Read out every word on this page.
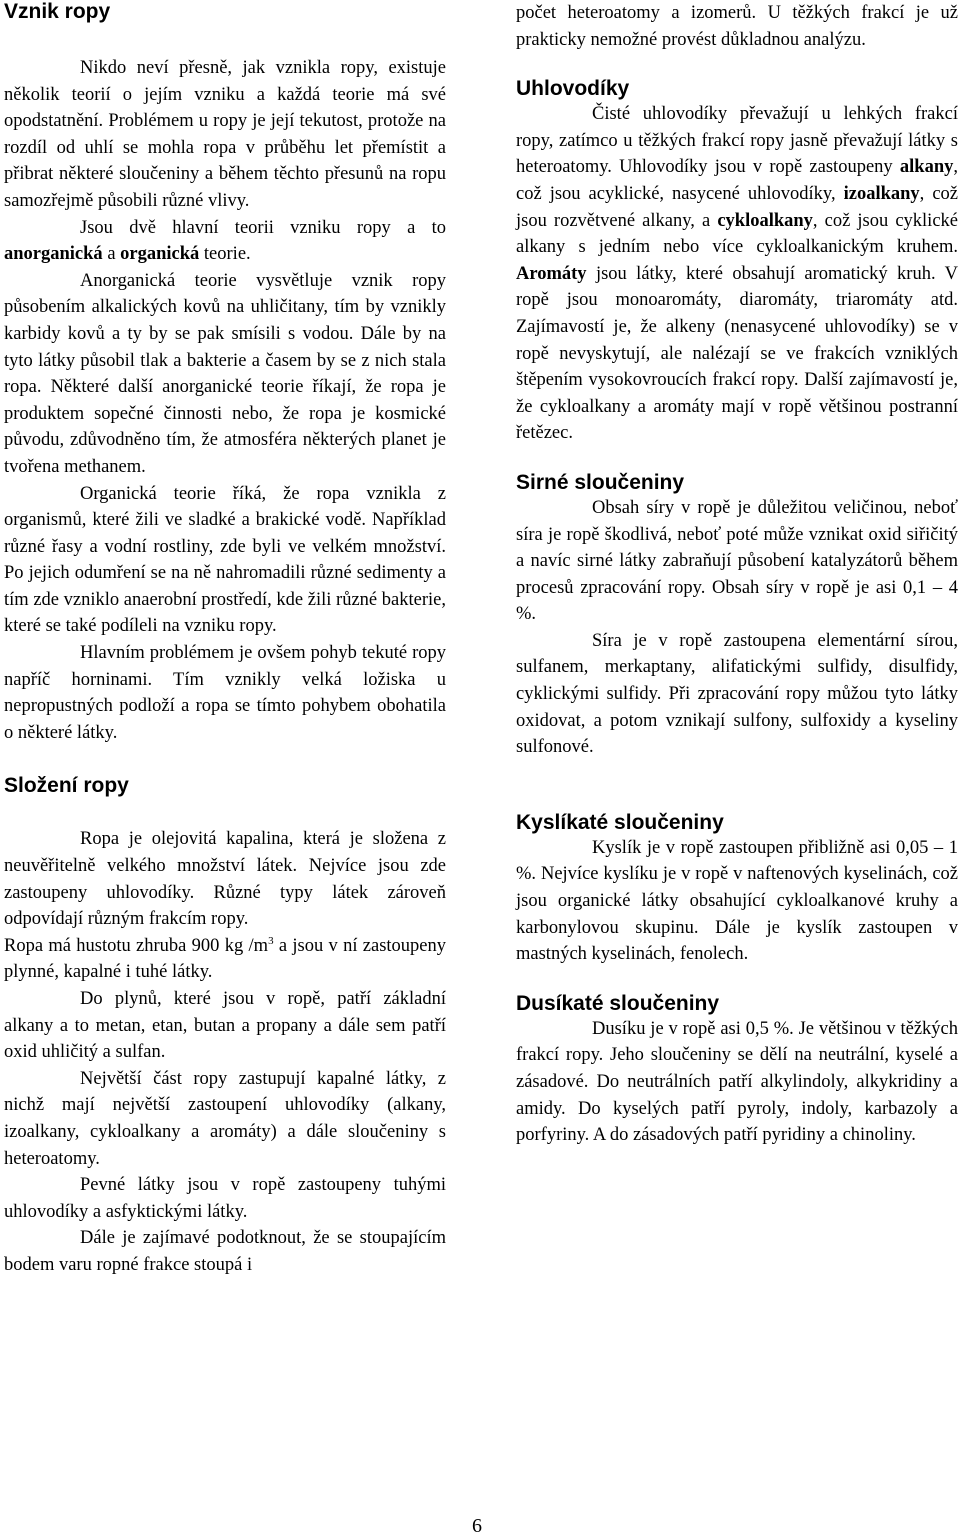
Vznik ropy

Nikdo neví přesně, jak vznikla ropy, existuje několik teorií o jejím vzniku a každá teorie má své opodstatnění. Problémem u ropy je její tekutost, protože na rozdíl od uhlí se mohla ropa v průběhu let přemístit a přibrat některé sloučeniny a během těchto přesunů na ropu samozřejmě působili různé vlivy.

Jsou dvě hlavní teorii vzniku ropy a to anorganická a organická teorie.

Anorganická teorie vysvětluje vznik ropy působením alkalických kovů na uhličitany, tím by vznikly karbidy kovů a ty by se pak smísili s vodou. Dále by na tyto látky působil tlak a bakterie a časem by se z nich stala ropa. Některé další anorganické teorie říkají, že ropa je produktem sopečné činnosti nebo, že ropa je kosmické původu, zdůvodněno tím, že atmosféra některých planet je tvořena methanem.

Organická teorie říká, že ropa vznikla z organismů, které žili ve sladké a brakické vodě. Například různé řasy a vodní rostliny, zde byli ve velkém množství. Po jejich odumření se na ně nahromadili různé sedimenty a tím zde vzniklo anaerobní prostředí, kde žili různé bakterie, které se také podíleli na vzniku ropy.

Hlavním problémem je ovšem pohyb tekuté ropy napříč horninami. Tím vznikly velká ložiska u nepropustných podloží a ropa se tímto pohybem obohatila o některé látky.

Složení ropy

Ropa je olejovitá kapalina, která je složena z neuvěřitelně velkého množství látek. Nejvíce jsou zde zastoupeny uhlovodíky. Různé typy látek zároveň odpovídají různým frakcím ropy.

Ropa má hustotu zhruba 900 kg $/m^3$ a jsou v ní zastoupeny plynné, kapalné i tuhé látky.

Do plynů, které jsou v ropě, patří základní alkany a to metan, etan, butan a propany a dále sem patří oxid uhličitý a sulfan.

Největší část ropy zastupují kapalné látky, z nichž mají největší zastoupení uhlovodíky (alkany, izoalkany, cykloalkany a aromáty) a dále sloučeniny s heteroatomy.

Pevné látky jsou v ropě zastoupeny tuhými uhlovodíky a asfyktickými látky.

Dále je zajímavé podotknout, že se stoupajícím bodem varu ropné frakce stoupá i

počet heteroatomy a izomerů. U těžkých frakcí je už prakticky nemožné provést důkladnou analýzu.

Uhlovodíky

Čisté uhlovodíky převažují u lehkých frakcí ropy, zatímco u těžkých frakcí ropy jasně převažují látky s heteroatomy. Uhlovodíky jsou v ropě zastoupeny alkany, což jsou acyklické, nasycené uhlovodíky, izoalkany, což jsou rozvětvené alkany, a cykloalkany, což jsou cyklické alkany s jedním nebo více cykloalkanickým kruhem. Aromáty jsou látky, které obsahují aromatický kruh. V ropě jsou monoaromáty, diaromáty, triaromáty atd. Zajímavostí je, že alkeny (nenasycené uhlovodíky) se v ropě nevyskytují, ale nalézají se ve frakcích vzniklých štěpením vysokovroucích frakcí ropy. Další zajímavostí je, že cykloalkany a aromáty mají v ropě většinou postranní řetězec.

Sirné sloučeniny

Obsah síry v ropě je důležitou veličinou, neboť síra je ropě škodlivá, neboť poté může vznikat oxid siřičitý a navíc sirné látky zabraňují působení katalyzátorů během procesů zpracování ropy. Obsah síry v ropě je asi 0,1 – 4 %.

Síra je v ropě zastoupena elementární sírou, sulfanem, merkaptany, alifatickými sulfidy, disulfidy, cyklickými sulfidy. Při zpracování ropy můžou tyto látky oxidovat, a potom vznikají sulfony, sulfoxidy a kyseliny sulfonové.

Kyslíkaté sloučeniny

Kyslík je v ropě zastoupen přibližně asi 0,05 – 1 %. Nejvíce kyslíku je v ropě v naftenových kyselinách, což jsou organické látky obsahující cykloalkanové kruhy a karbonylovou skupinu. Dále je kyslík zastoupen v mastných kyselinách, fenolech.

Dusíkaté sloučeniny

Dusíku je v ropě asi 0,5 %. Je většinou v těžkých frakcí ropy. Jeho sloučeniny se dělí na neutrální, kyselé a zásadové. Do neutrálních patří alkylindoly, alkykridiny a amidy. Do kyselých patří pyroly, indoly, karbazoly a porfyriny. A do zásadových patří pyridiny a chinoliny.

6
